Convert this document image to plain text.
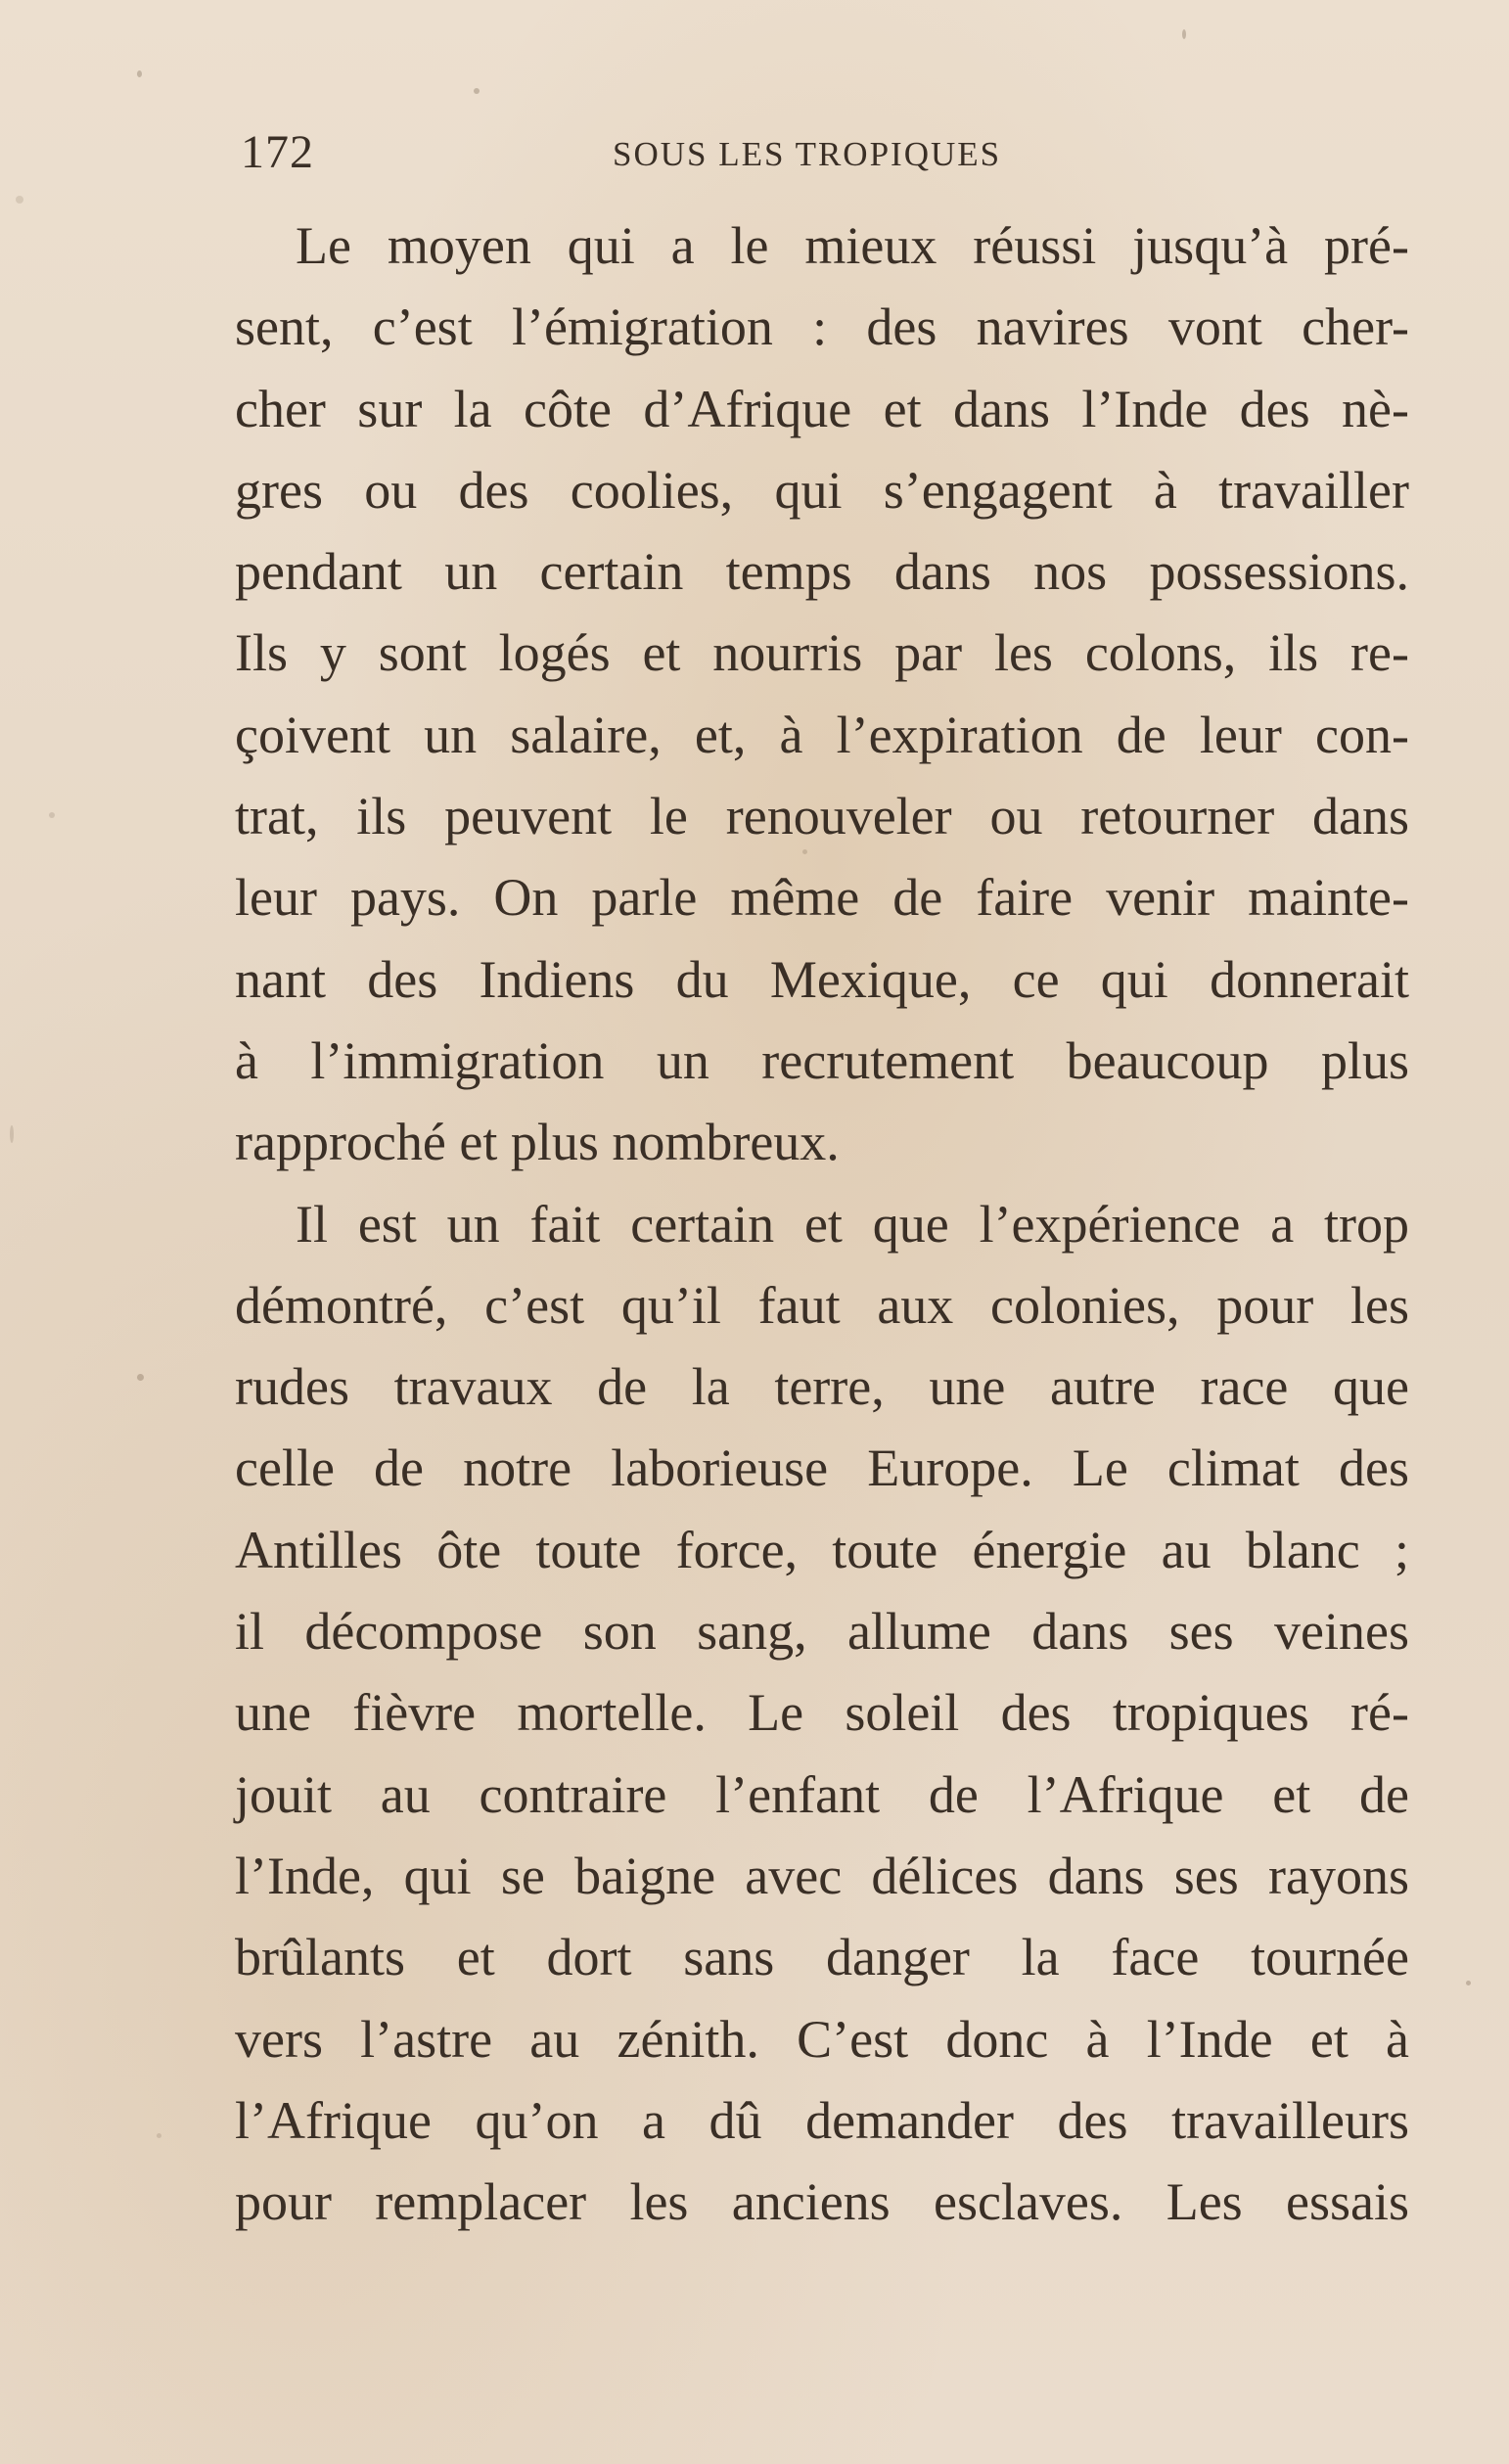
172	SOUS LES TROPIQUES
Le moyen qui a le mieux réussi jusqu’à pré-
sent, c’est l’émigration : des navires vont cher-
cher sur la côte d’Afrique et dans l’Inde des nè-
gres ou des coolies, qui s’engagent à travailler
pendant un certain temps dans nos possessions.
Ils y sont logés et nourris par les colons, ils re-
çoivent un salaire, et, à l’expiration de leur con-
trat, ils peuvent le renouveler ou retourner dans
leur pays. On parle même de faire venir mainte-
nant des Indiens du Mexique, ce qui donnerait
à l’immigration un recrutement beaucoup plus
rapproché et plus nombreux.
Il est un fait certain et que l’expérience a trop
démontré, c’est qu’il faut aux colonies, pour les
rudes travaux de la terre, une autre race que
celle de notre laborieuse Europe. Le climat des
Antilles ôte toute force, toute énergie au blanc ;
il décompose son sang, allume dans ses veines
une fièvre mortelle. Le soleil des tropiques ré-
jouit au contraire l’enfant de l’Afrique et de
l’Inde, qui se baigne avec délices dans ses rayons
brûlants et dort sans danger la face tournée
vers l’astre au zénith. C’est donc à l’Inde et à
l’Afrique qu’on a dû demander des travailleurs
pour remplacer les anciens esclaves. Les essais
